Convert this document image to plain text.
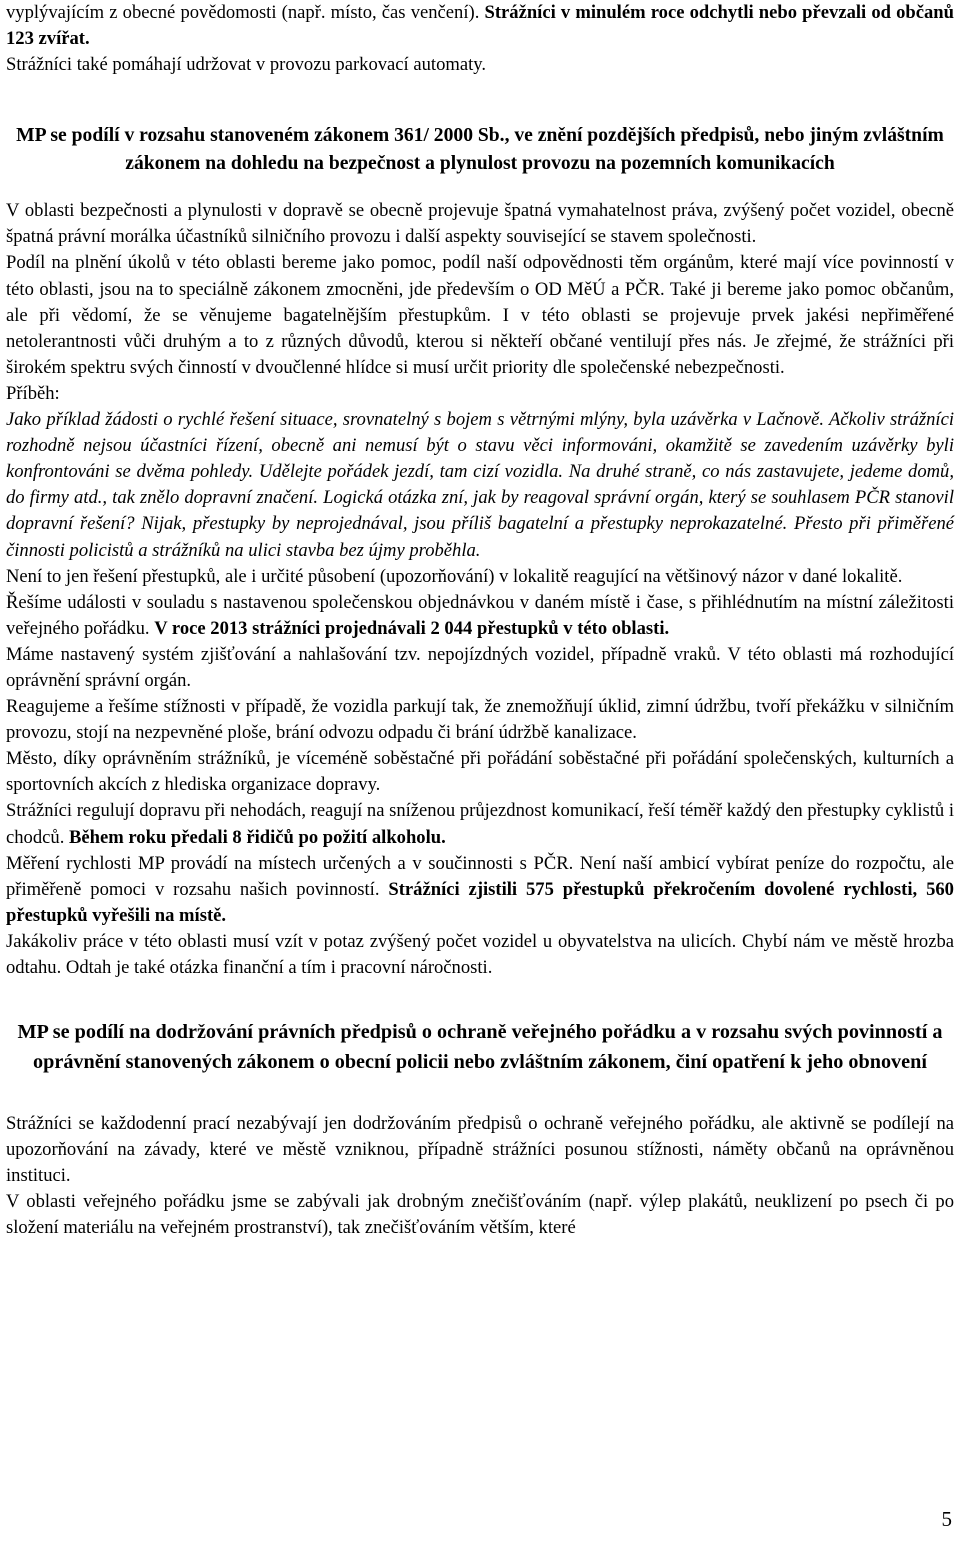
vyplývajícím z obecné povědomosti (např. místo, čas venčení). Strážníci v minulém roce odchytli nebo převzali od občanů 123 zvířat.

Strážníci také pomáhají udržovat v provozu parkovací automaty.

MP se podílí v rozsahu stanoveném zákonem 361/ 2000 Sb., ve znění pozdějších předpisů, nebo jiným zvláštním zákonem na dohledu na bezpečnost a plynulost provozu na pozemních komunikacích

V oblasti bezpečnosti a plynulosti v dopravě se obecně projevuje špatná vymahatelnost práva, zvýšený počet vozidel, obecně špatná právní morálka účastníků silničního provozu i další aspekty související se stavem společnosti.

Podíl na plnění úkolů v této oblasti bereme jako pomoc, podíl naší odpovědnosti těm orgánům, které mají více povinností v této oblasti, jsou na to speciálně zákonem zmocněni, jde především o OD MěÚ a PČR. Také ji bereme jako pomoc občanům, ale při vědomí, že se věnujeme bagatelnějším přestupkům. I v této oblasti se projevuje prvek jakési nepřiměřené netolerantnosti vůči druhým a to z různých důvodů, kterou si někteří občané ventilují přes nás. Je zřejmé, že strážníci při širokém spektru svých činností v dvoučlenné hlídce si musí určit priority dle společenské nebezpečnosti.

Příběh:

Jako příklad žádosti o rychlé řešení situace, srovnatelný s bojem s větrnými mlýny, byla uzávěrka v Lačnově. Ačkoliv strážníci rozhodně nejsou účastníci řízení, obecně ani nemusí být o stavu věci informováni, okamžitě se zavedením uzávěrky byli konfrontováni se dvěma pohledy. Udělejte pořádek jezdí, tam cizí vozidla. Na druhé straně, co nás zastavujete, jedeme domů, do firmy atd., tak znělo dopravní značení. Logická otázka zní, jak by reagoval správní orgán, který se souhlasem PČR stanovil dopravní řešení? Nijak, přestupky by neprojednával, jsou příliš bagatelní a přestupky neprokazatelné. Přesto při přiměřené činnosti policistů a strážníků na ulici stavba bez újmy proběhla.

Není to jen řešení přestupků, ale i určité působení (upozorňování) v lokalitě reagující na většinový názor v dané lokalitě.

Řešíme události v souladu s nastavenou společenskou objednávkou v daném místě i čase, s přihlédnutím na místní záležitosti veřejného pořádku. V roce 2013 strážníci projednávali 2 044 přestupků v této oblasti.

Máme nastavený systém zjišťování a nahlašování tzv. nepojízdných vozidel, případně vraků. V této oblasti má rozhodující oprávnění správní orgán.

Reagujeme a řešíme stížnosti v případě, že vozidla parkují tak, že znemožňují úklid, zimní údržbu, tvoří překážku v silničním provozu, stojí na nezpevněné ploše, brání odvozu odpadu či brání údržbě kanalizace.

Město, díky oprávněním strážníků, je víceméně soběstačné při pořádání soběstačné při pořádání společenských, kulturních a sportovních akcích z hlediska organizace dopravy.

Strážníci regulují dopravu při nehodách, reagují na sníženou průjezdnost komunikací, řeší téměř každý den přestupky cyklistů i chodců. Během roku předali 8 řidičů po požití alkoholu.

Měření rychlosti MP provádí na místech určených a v součinnosti s PČR. Není naší ambicí vybírat peníze do rozpočtu, ale přiměřeně pomoci v rozsahu našich povinností. Strážníci zjistili 575 přestupků překročením dovolené rychlosti, 560 přestupků vyřešili na místě.

Jakákoliv práce v této oblasti musí vzít v potaz zvýšený počet vozidel u obyvatelstva na ulicích. Chybí nám ve městě hrozba odtahu. Odtah je také otázka finanční a tím i pracovní náročnosti.

MP se podílí na dodržování právních předpisů o ochraně veřejného pořádku a v rozsahu svých povinností a oprávnění stanovených zákonem o obecní policii nebo zvláštním zákonem, činí opatření k jeho obnovení

Strážníci se každodenní prací nezabývají jen dodržováním předpisů o ochraně veřejného pořádku, ale aktivně se podílejí na upozorňování na závady, které ve městě vzniknou, případně strážníci posunou stížnosti, náměty občanů na oprávněnou instituci.

V oblasti veřejného pořádku jsme se zabývali jak drobným znečišťováním (např. výlep plakátů, neuklizení po psech či po složení materiálu na veřejném prostranství), tak znečišťováním větším, které

5
